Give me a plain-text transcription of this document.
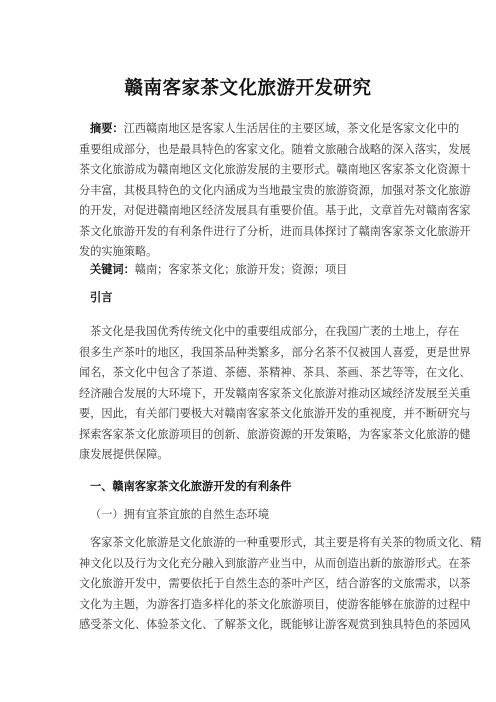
赣南客家茶文化旅游开发研究
摘要：江西赣南地区是客家人生活居住的主要区域，茶文化是客家文化中的
重要组成部分，也是最具特色的客家文化。随着文旅融合战略的深入落实，发展
茶文化旅游成为赣南地区文化旅游发展的主要形式。赣南地区客家茶文化资源十
分丰富，其极具特色的文化内涵成为当地最宝贵的旅游资源，加强对茶文化旅游
的开发，对促进赣南地区经济发展具有重要价值。基于此，文章首先对赣南客家
茶文化旅游开发的有利条件进行了分析，进而具体探讨了赣南客家茶文化旅游开
发的实施策略。
关键词：赣南；客家茶文化；旅游开发；资源；项目
引言
茶文化是我国优秀传统文化中的重要组成部分，在我国广袤的土地上，存在
很多生产茶叶的地区，我国茶品种类繁多，部分名茶不仅被国人喜爱，更是世界
闻名，茶文化中包含了茶道、茶德、茶精神、茶具、茶画、茶艺等等，在文化、
经济融合发展的大环境下，开发赣南客家茶文化旅游对推动区域经济发展至关重
要，因此，有关部门要极大对赣南客家茶文化旅游开发的重视度，并不断研究与
探索客家茶文化旅游项目的创新、旅游资源的开发策略，为客家茶文化旅游的健
康发展提供保障。
一、赣南客家茶文化旅游开发的有利条件
（一）拥有宜茶宜旅的自然生态环境
客家茶文化旅游是文化旅游的一种重要形式，其主要是将有关茶的物质文化、精
神文化以及行为文化充分融入到旅游产业当中，从而创造出新的旅游形式。在茶
文化旅游开发中，需要依托于自然生态的茶叶产区，结合游客的文旅需求，以茶
文化为主题，为游客打造多样化的茶文化旅游项目，使游客能够在旅游的过程中
感受茶文化、体验茶文化、了解茶文化，既能够让游客观赏到独具特色的茶园风
